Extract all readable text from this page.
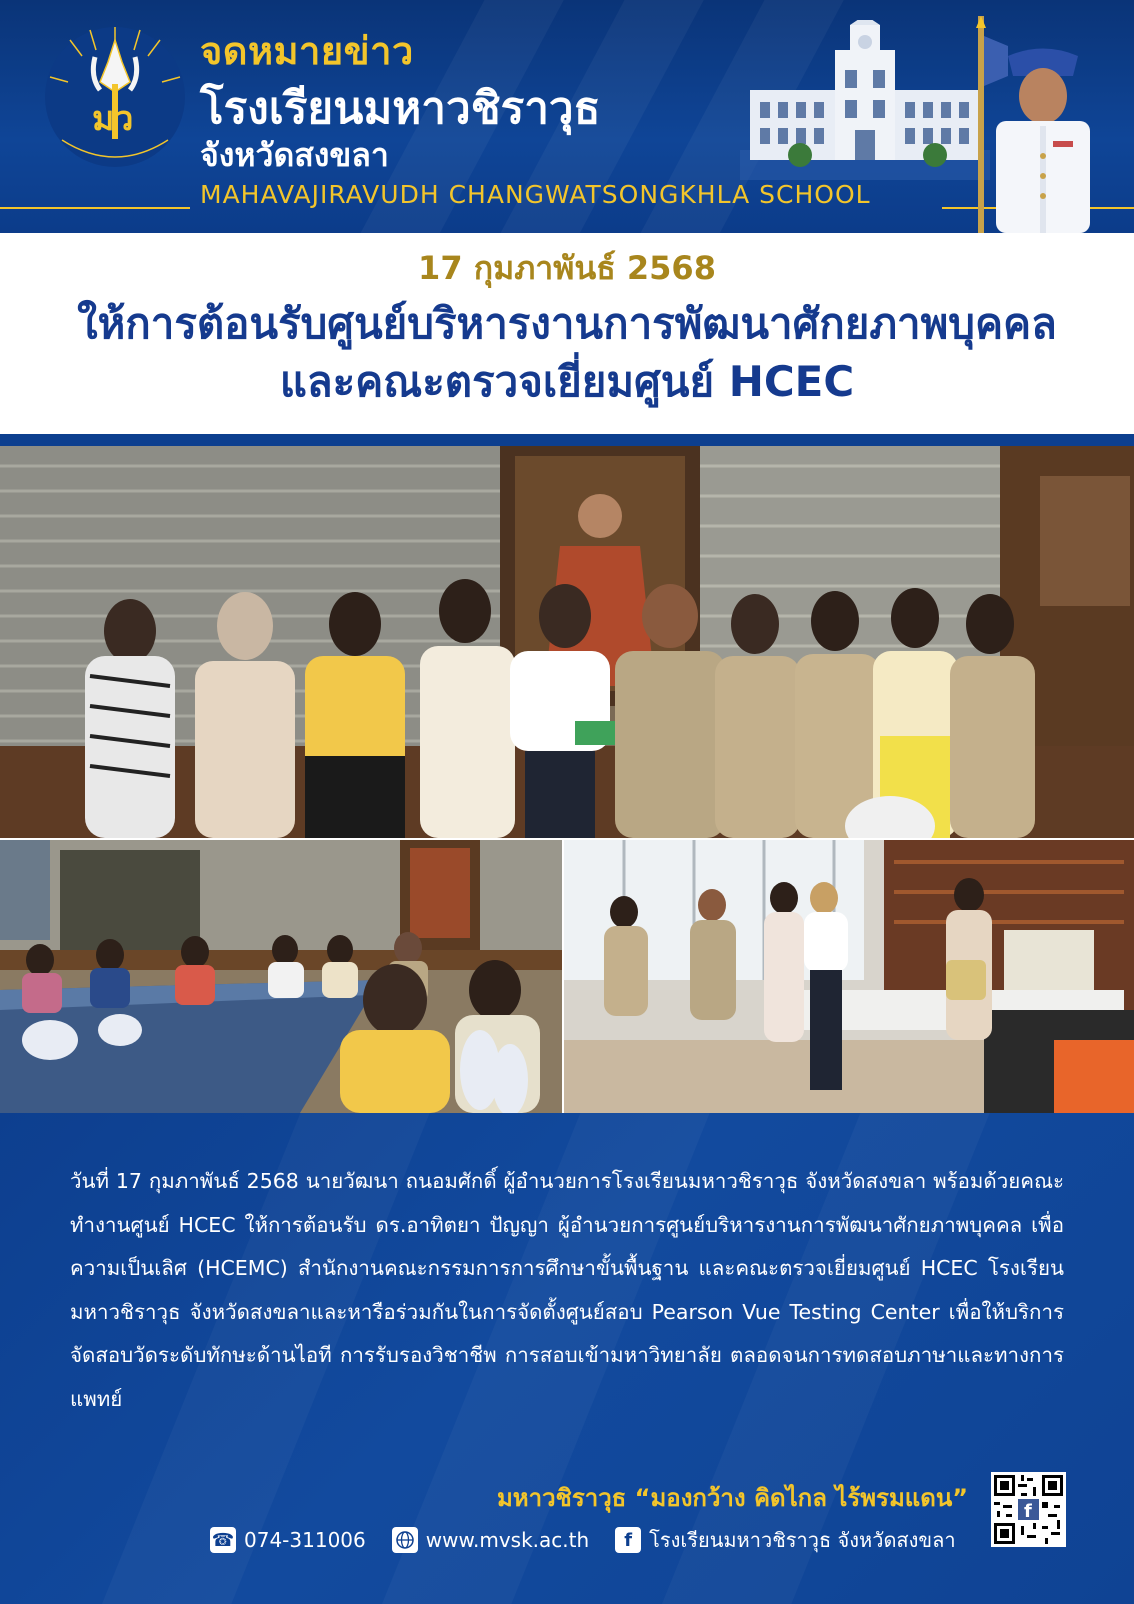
มว
จดหมายข่าว
โรงเรียนมหาวชิราวุธ
จังหวัดสงขลา
MAHAVAJIRAVUDH CHANGWATSONGKHLA SCHOOL
17 กุมภาพันธ์ 2568
ให้การต้อนรับศูนย์บริหารงานการพัฒนาศักยภาพบุคคล
และคณะตรวจเยี่ยมศูนย์ HCEC
วันที่ 17 กุมภาพันธ์ 2568 นายวัฒนา ถนอมศักดิ์ ผู้อำนวยการโรงเรียนมหาวชิราวุธ จังหวัดสงขลา พร้อมด้วยคณะทำงานศูนย์ HCEC ให้การต้อนรับ ดร.อาทิตยา ปัญญา ผู้อำนวยการศูนย์บริหารงานการพัฒนาศักยภาพบุคคล เพื่อความเป็นเลิศ (HCEMC) สำนักงานคณะกรรมการการศึกษาขั้นพื้นฐาน และคณะตรวจเยี่ยมศูนย์ HCEC โรงเรียนมหาวชิราวุธ จังหวัดสงขลาและหารือร่วมกันในการจัดตั้งศูนย์สอบ Pearson Vue Testing Center เพื่อให้บริการจัดสอบวัดระดับทักษะด้านไอที การรับรองวิชาชีพ การสอบเข้ามหาวิทยาลัย ตลอดจนการทดสอบภาษาและทางการแพทย์
มหาวชิราวุธ “มองกว้าง คิดไกล ไร้พรมแดน”
☎ 074-311006	www.mvsk.ac.th	f โรงเรียนมหาวชิราวุธ จังหวัดสงขลา
f
